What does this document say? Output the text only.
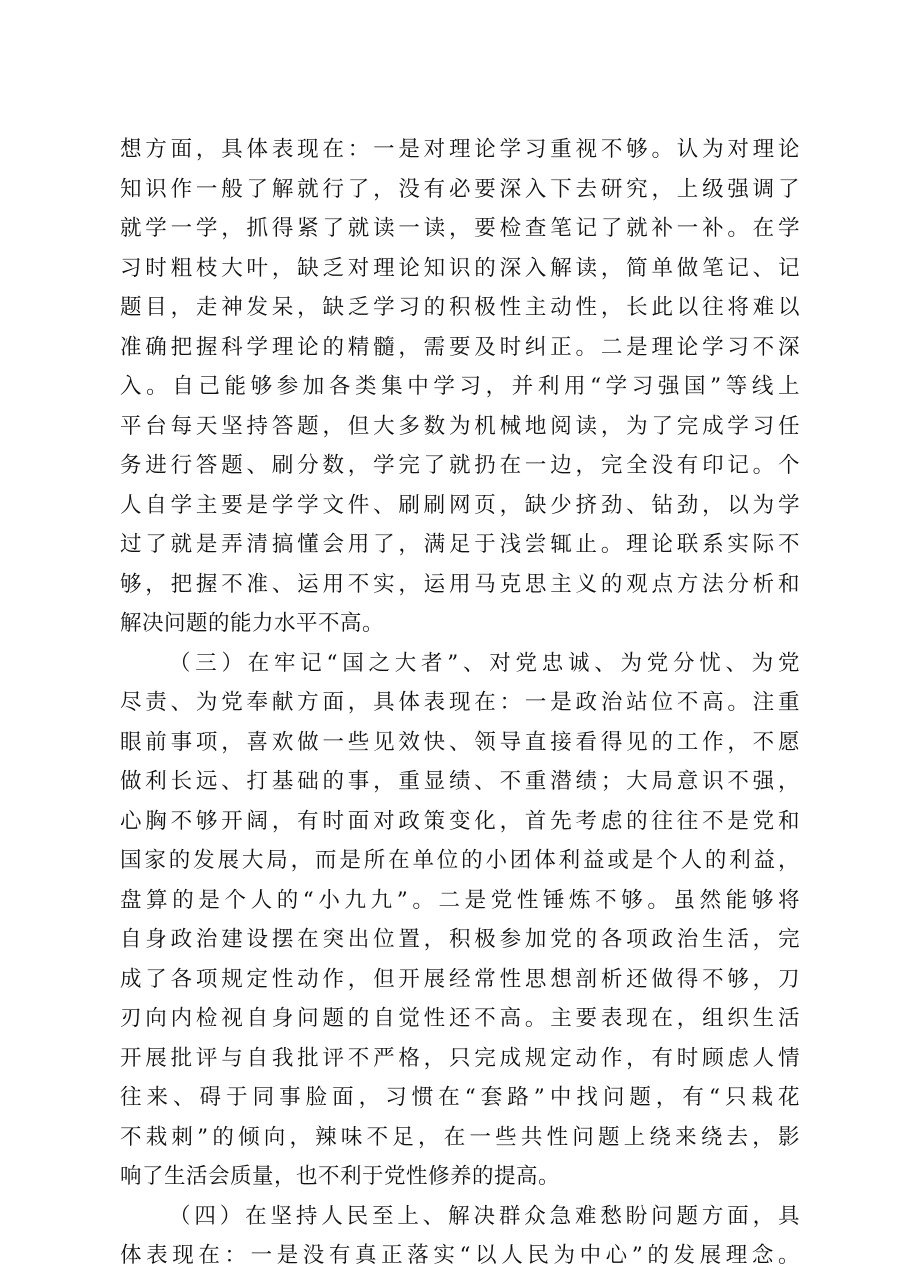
想方面，具体表现在：一是对理论学习重视不够。认为对理论
知识作一般了解就行了，没有必要深入下去研究，上级强调了
就学一学，抓得紧了就读一读，要检查笔记了就补一补。在学
习时粗枝大叶，缺乏对理论知识的深入解读，简单做笔记、记
题目，走神发呆，缺乏学习的积极性主动性，长此以往将难以
准确把握科学理论的精髓，需要及时纠正。二是理论学习不深
入。自己能够参加各类集中学习，并利用“学习强国”等线上
平台每天坚持答题，但大多数为机械地阅读，为了完成学习任
务进行答题、刷分数，学完了就扔在一边，完全没有印记。个
人自学主要是学学文件、刷刷网页，缺少挤劲、钻劲，以为学
过了就是弄清搞懂会用了，满足于浅尝辄止。理论联系实际不
够，把握不准、运用不实，运用马克思主义的观点方法分析和
解决问题的能力水平不高。
（三）在牢记“国之大者”、对党忠诚、为党分忧、为党
尽责、为党奉献方面，具体表现在：一是政治站位不高。注重
眼前事项，喜欢做一些见效快、领导直接看得见的工作，不愿
做利长远、打基础的事，重显绩、不重潜绩；大局意识不强，
心胸不够开阔，有时面对政策变化，首先考虑的往往不是党和
国家的发展大局，而是所在单位的小团体利益或是个人的利益，
盘算的是个人的“小九九”。二是党性锤炼不够。虽然能够将
自身政治建设摆在突出位置，积极参加党的各项政治生活，完
成了各项规定性动作，但开展经常性思想剖析还做得不够，刀
刃向内检视自身问题的自觉性还不高。主要表现在，组织生活
开展批评与自我批评不严格，只完成规定动作，有时顾虑人情
往来、碍于同事脸面，习惯在“套路”中找问题，有“只栽花
不栽刺”的倾向，辣味不足，在一些共性问题上绕来绕去，影
响了生活会质量，也不利于党性修养的提高。
（四）在坚持人民至上、解决群众急难愁盼问题方面，具
体表现在：一是没有真正落实“以人民为中心”的发展理念。
